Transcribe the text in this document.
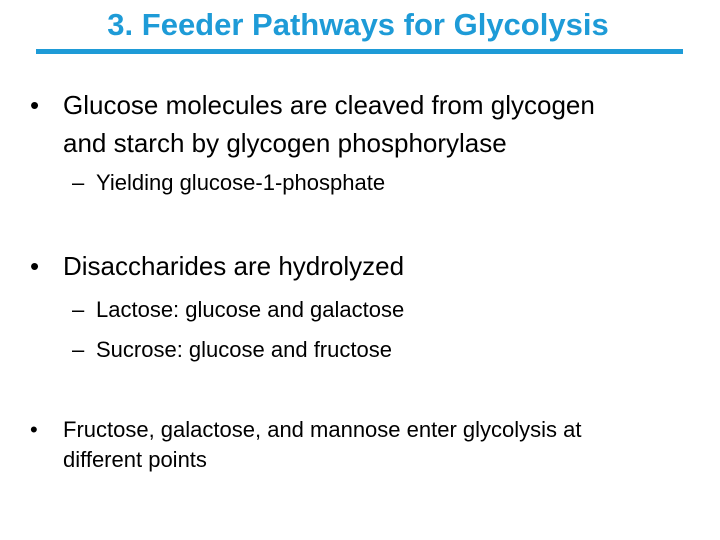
3. Feeder Pathways for Glycolysis
• Glucose molecules are cleaved from glycogen
and starch by glycogen phosphorylase
– Yielding glucose-1-phosphate
• Disaccharides are hydrolyzed
– Lactose: glucose and galactose
– Sucrose: glucose and fructose
•	Fructose, galactose, and mannose enter glycolysis at
different points
